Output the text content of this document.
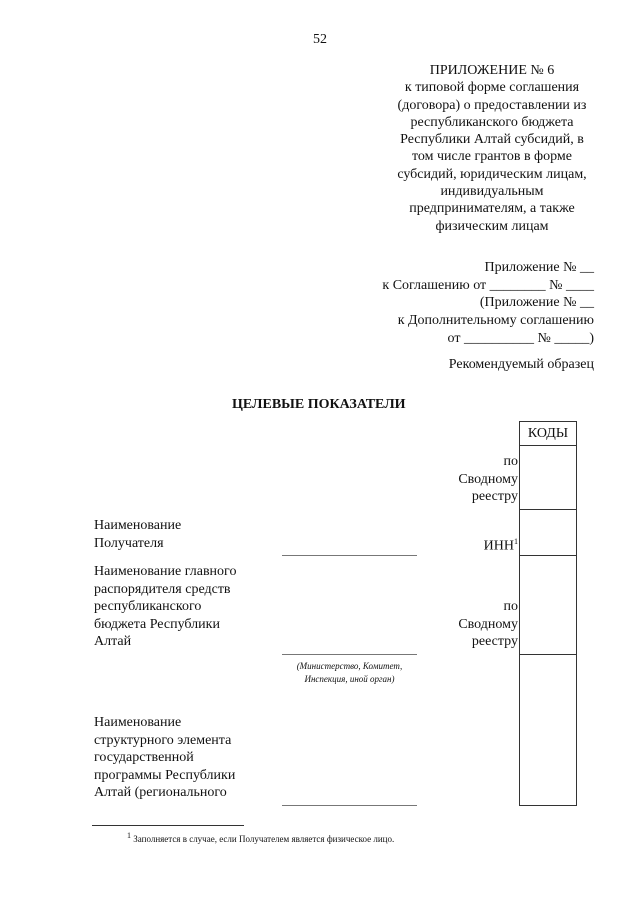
52
ПРИЛОЖЕНИЕ № 6
к типовой форме соглашения
(договора) о предоставлении из
республиканского бюджета
Республики Алтай субсидий, в
том числе грантов в форме
субсидий, юридическим лицам,
индивидуальным
предпринимателям, а также
физическим лицам
Приложение № __
к Соглашению от ________ № ____
(Приложение № __
к Дополнительному соглашению
от __________ № _____)
Рекомендуемый образец
ЦЕЛЕВЫЕ ПОКАЗАТЕЛИ
КОДЫ
по
Сводному
реестру
ИНН$^1$
по
Сводному
реестру
Наименование
Получателя
Наименование главного
распорядителя средств
республиканского
бюджета Республики
Алтай
(Министерство, Комитет,
Инспекция, иной орган)
Наименование
структурного элемента
государственной
программы Республики
Алтай (регионального
$^1$ Заполняется в случае, если Получателем является физическое лицо.
